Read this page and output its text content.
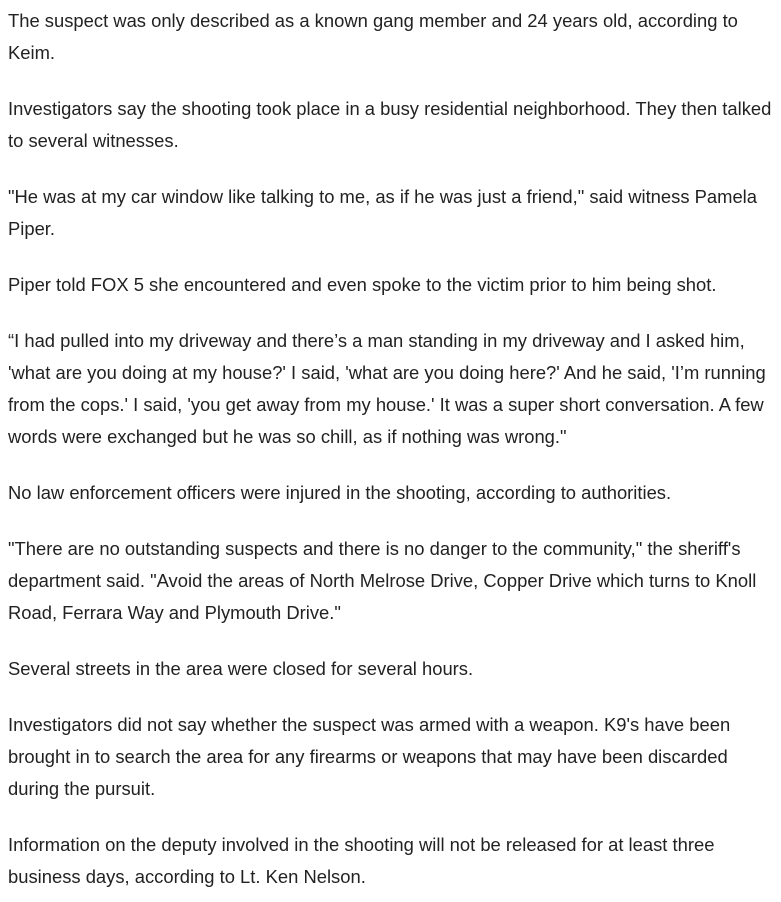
The suspect was only described as a known gang member and 24 years old, according to Keim.

Investigators say the shooting took place in a busy residential neighborhood. They then talked to several witnesses.

"He was at my car window like talking to me, as if he was just a friend," said witness Pamela Piper.

Piper told FOX 5 she encountered and even spoke to the victim prior to him being shot.

“I had pulled into my driveway and there’s a man standing in my driveway and I asked him, 'what are you doing at my house?' I said, 'what are you doing here?' And he said, 'I’m running from the cops.' I said, 'you get away from my house.' It was a super short conversation. A few words were exchanged but he was so chill, as if nothing was wrong."

No law enforcement officers were injured in the shooting, according to authorities.

"There are no outstanding suspects and there is no danger to the community," the sheriff's department said. "Avoid the areas of North Melrose Drive, Copper Drive which turns to Knoll Road, Ferrara Way and Plymouth Drive."

Several streets in the area were closed for several hours.

Investigators did not say whether the suspect was armed with a weapon. K9's have been brought in to search the area for any firearms or weapons that may have been discarded during the pursuit.

Information on the deputy involved in the shooting will not be released for at least three business days, according to Lt. Ken Nelson.
